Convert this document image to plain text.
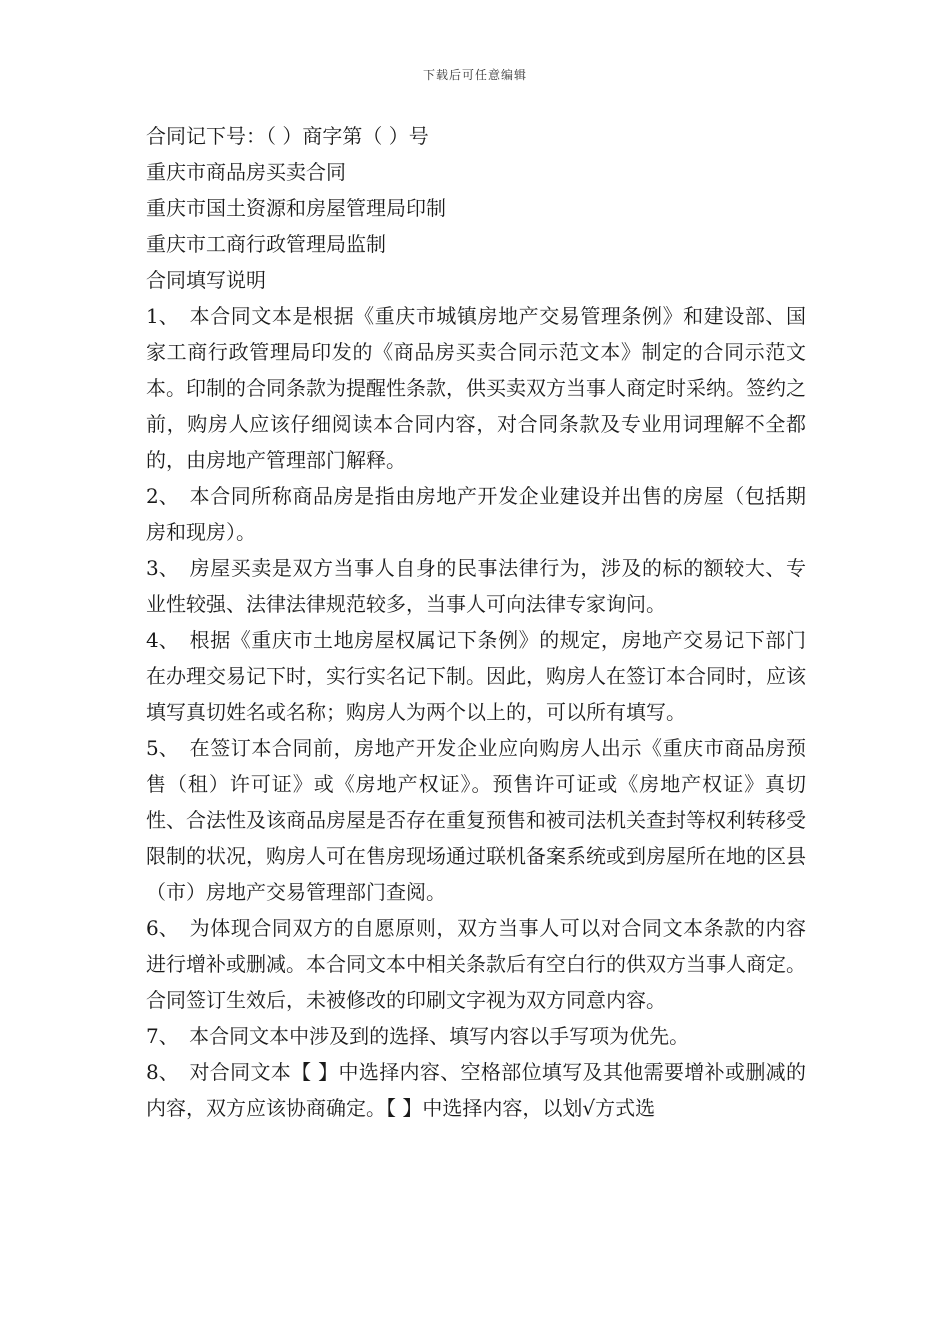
下载后可任意编辑

合同记下号：（ ）商字第（ ）号

重庆市商品房买卖合同

重庆市国土资源和房屋管理局印制

重庆市工商行政管理局监制

合同填写说明

1、 本合同文本是根据《重庆市城镇房地产交易管理条例》和建设部、国家工商行政管理局印发的《商品房买卖合同示范文本》制定的合同示范文本。印制的合同条款为提醒性条款，供买卖双方当事人商定时采纳。签约之前，购房人应该仔细阅读本合同内容，对合同条款及专业用词理解不全都的，由房地产管理部门解释。

2、 本合同所称商品房是指由房地产开发企业建设并出售的房屋（包括期房和现房）。

3、 房屋买卖是双方当事人自身的民事法律行为，涉及的标的额较大、专业性较强、法律法律规范较多，当事人可向法律专家询问。

4、 根据《重庆市土地房屋权属记下条例》的规定，房地产交易记下部门在办理交易记下时，实行实名记下制。因此，购房人在签订本合同时，应该填写真切姓名或名称；购房人为两个以上的，可以所有填写。

5、 在签订本合同前，房地产开发企业应向购房人出示《重庆市商品房预售（租）许可证》或《房地产权证》。预售许可证或《房地产权证》真切性、合法性及该商品房屋是否存在重复预售和被司法机关查封等权利转移受限制的状况，购房人可在售房现场通过联机备案系统或到房屋所在地的区县（市）房地产交易管理部门查阅。

6、 为体现合同双方的自愿原则，双方当事人可以对合同文本条款的内容进行增补或删减。本合同文本中相关条款后有空白行的供双方当事人商定。合同签订生效后，未被修改的印刷文字视为双方同意内容。

7、 本合同文本中涉及到的选择、填写内容以手写项为优先。

8、 对合同文本【 】中选择内容、空格部位填写及其他需要增补或删减的内容，双方应该协商确定。【 】中选择内容，以划√方式选
